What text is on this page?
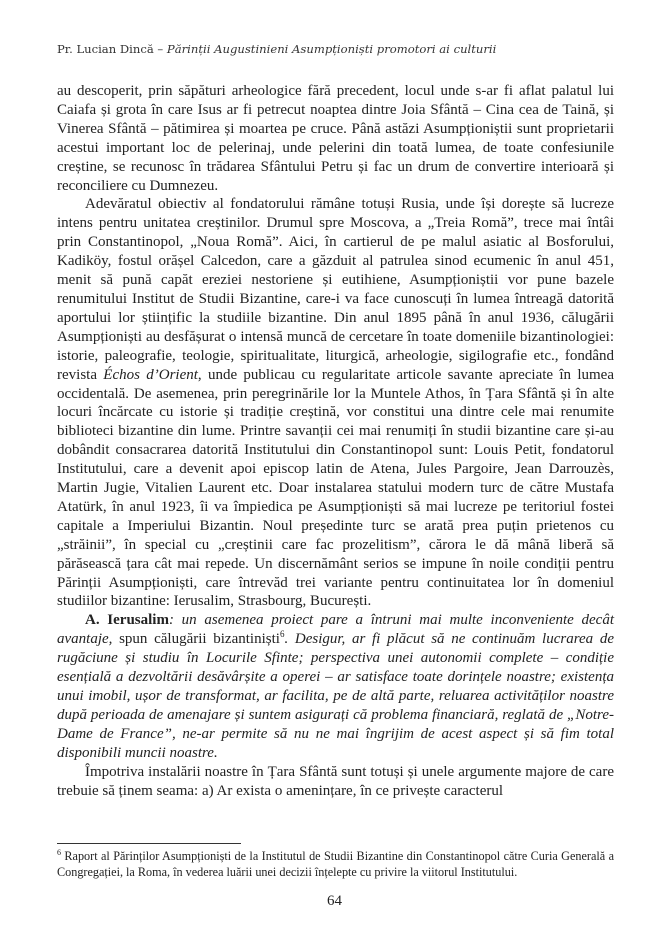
Pr. Lucian Dincă – Părinții Augustinieni Asumpționiști promotori ai culturii

au descoperit, prin săpături arheologice fără precedent, locul unde s-ar fi aflat palatul lui Caiafa și grota în care Isus ar fi petrecut noaptea dintre Joia Sfântă – Cina cea de Taină, și Vinerea Sfântă – pătimirea și moartea pe cruce. Până astăzi Asumpționiștii sunt proprietarii acestui important loc de pelerinaj, unde pelerini din toată lumea, de toate confesiunile creștine, se recunosc în trădarea Sfântului Petru și fac un drum de convertire interioară și reconciliere cu Dumnezeu.

Adevăratul obiectiv al fondatorului rămâne totuși Rusia, unde își dorește să lucreze intens pentru unitatea creștinilor. Drumul spre Moscova, a „Treia Romă”, trece mai întâi prin Constantinopol, „Noua Romă”. Aici, în cartierul de pe malul asiatic al Bosforului, Kadiköy, fostul orășel Calcedon, care a găzduit al patrulea sinod ecumenic în anul 451, menit să pună capăt ereziei nestoriene și eutihiene, Asumpționiștii vor pune bazele renumitului Institut de Studii Bizantine, care-i va face cunoscuți în lumea întreagă datorită aportului lor științific la studiile bizantine. Din anul 1895 până în anul 1936, călugării Asumpționiști au desfășurat o intensă muncă de cercetare în toate domeniile bizantinologiei: istorie, paleografie, teologie, spiritualitate, liturgică, arheologie, sigilografie etc., fondând revista Échos d’Orient, unde publicau cu regularitate articole savante apreciate în lumea occidentală. De asemenea, prin peregrinările lor la Muntele Athos, în Țara Sfântă și în alte locuri încărcate cu istorie și tradiție creștină, vor constitui una dintre cele mai renumite biblioteci bizantine din lume. Printre savanții cei mai renumiți în studii bizantine care și-au dobândit consacrarea datorită Institutului din Constantinopol sunt: Louis Petit, fondatorul Institutului, care a devenit apoi episcop latin de Atena, Jules Pargoire, Jean Darrouzès, Martin Jugie, Vitalien Laurent etc. Doar instalarea statului modern turc de către Mustafa Atatürk, în anul 1923, îi va împiedica pe Asumpționiști să mai lucreze pe teritoriul fostei capitale a Imperiului Bizantin. Noul președinte turc se arată prea puțin prietenos cu „străinii”, în special cu „creștinii care fac prozelitism”, cărora le dă mână liberă să părăsească țara cât mai repede. Un discernământ serios se impune în noile condiții pentru Părinții Asumpționiști, care întrevăd trei variante pentru continuitatea lor în domeniul studiilor bizantine: Ierusalim, Strasbourg, București.

A. Ierusalim: un asemenea proiect pare a întruni mai multe inconveniente decât avantaje, spun călugării bizantiniști$^6$. Desigur, ar fi plăcut să ne continuăm lucrarea de rugăciune și studiu în Locurile Sfinte; perspectiva unei autonomii complete – condiție esențială a dezvoltării desăvârșite a operei – ar satisface toate dorințele noastre; existența unui imobil, ușor de transformat, ar facilita, pe de altă parte, reluarea activităților noastre după perioada de amenajare și suntem asigurați că problema financiară, reglată de „Notre-Dame de France”, ne-ar permite să nu ne mai îngrijim de acest aspect și să fim total disponibili muncii noastre.

Împotriva instalării noastre în Țara Sfântă sunt totuși și unele argumente majore de care trebuie să ținem seama: a) Ar exista o amenințare, în ce privește caracterul

$^6$ Raport al Părinților Asumpționiști de la Institutul de Studii Bizantine din Constantinopol către Curia Generală a Congregației, la Roma, în vederea luării unei decizii înțelepte cu privire la viitorul Institutului.
64
